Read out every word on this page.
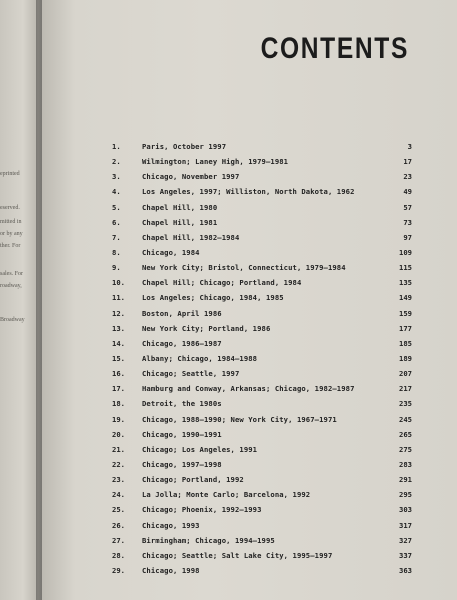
eprinted
eserved.
mitted in
or by any
ther. For
sales. For
roadway,
Broadway
CONTENTS
1.	Paris, October 1997	3
2.	Wilmington; Laney High, 1979–1981	17
3.	Chicago, November 1997	23
4.	Los Angeles, 1997; Williston, North Dakota, 1962	49
5.	Chapel Hill, 1980	57
6.	Chapel Hill, 1981	73
7.	Chapel Hill, 1982–1984	97
8.	Chicago, 1984	109
9.	New York City; Bristol, Connecticut, 1979–1984	115
10. Chapel Hill; Chicago; Portland, 1984	135
11. Los Angeles; Chicago, 1984, 1985	149
12. Boston, April 1986	159
13. New York City; Portland, 1986	177
14. Chicago, 1986–1987	185
15. Albany; Chicago, 1984–1988	189
16. Chicago; Seattle, 1997	207
17. Hamburg and Conway, Arkansas; Chicago, 1982–1987	217
18. Detroit, the 1980s	235
19. Chicago, 1988–1990; New York City, 1967–1971	245
20. Chicago, 1990–1991	265
21. Chicago; Los Angeles, 1991	275
22. Chicago, 1997–1998	283
23. Chicago; Portland, 1992	291
24. La Jolla; Monte Carlo; Barcelona, 1992	295
25. Chicago; Phoenix, 1992–1993	303
26. Chicago, 1993	317
27. Birmingham; Chicago, 1994–1995	327
28. Chicago; Seattle; Salt Lake City, 1995–1997	337
29. Chicago, 1998	363
